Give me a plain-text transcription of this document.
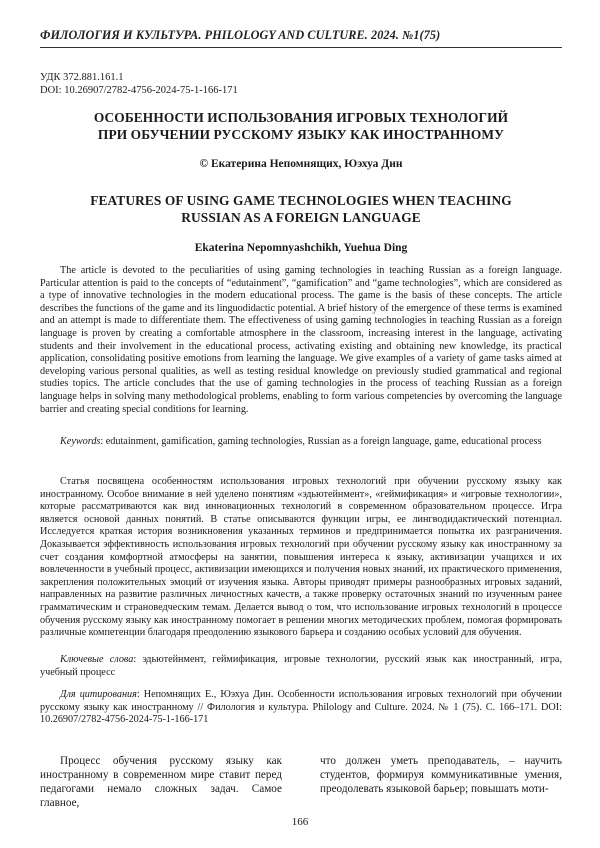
ФИЛОЛОГИЯ И КУЛЬТУРА. PHILOLOGY AND CULTURE. 2024. №1(75)
УДК 372.881.161.1
DOI: 10.26907/2782-4756-2024-75-1-166-171
ОСОБЕННОСТИ ИСПОЛЬЗОВАНИЯ ИГРОВЫХ ТЕХНОЛОГИЙ
ПРИ ОБУЧЕНИИ РУССКОМУ ЯЗЫКУ КАК ИНОСТРАННОМУ
© Екатерина Непомнящих, Юэхуа Дин
FEATURES OF USING GAME TECHNOLOGIES WHEN TEACHING
RUSSIAN AS A FOREIGN LANGUAGE
Ekaterina Nepomnyashchikh, Yuehua Ding

The article is devoted to the peculiarities of using gaming technologies in teaching Russian as a foreign language. Particular attention is paid to the concepts of “edutainment”, “gamification” and “game technologies”, which are considered as a type of innovative technologies in the modern educational process. The game is the basis of these concepts. The article describes the functions of the game and its linguodidactic potential. A brief history of the emergence of these terms is examined and an attempt is made to differentiate them. The effectiveness of using gaming technologies in teaching Russian as a foreign language is proven by creating a comfortable atmosphere in the classroom, increasing interest in the language, activating students and their involvement in the educational process, activating existing and obtaining new knowledge, its practical application, consolidating positive emotions from learning the language. We give examples of a variety of game tasks aimed at developing various personal qualities, as well as testing residual knowledge on previously studied grammatical and regional studies topics. The article concludes that the use of gaming technologies in the process of teaching Russian as a foreign language helps in solving many methodological problems, enabling to form various competencies by overcoming the language barrier and creating special conditions for learning.

Keywords: edutainment, gamification, gaming technologies, Russian as a foreign language, game, educational process

Статья посвящена особенностям использования игровых технологий при обучении русскому языку как иностранному. Особое внимание в ней уделено понятиям «эдьютейнмент», «геймификация» и «игровые технологии», которые рассматриваются как вид инновационных технологий в современном образовательном процессе. Игра является основой данных понятий. В статье описываются функции игры, ее лингводидактический потенциал. Исследуется краткая история возникновения указанных терминов и предпринимается попытка их разграничения. Доказывается эффективность использования игровых технологий при обучении русскому языку как иностранному за счет создания комфортной атмосферы на занятии, повышения интереса к языку, активизации учащихся и их вовлеченности в учебный процесс, активизации имеющихся и получения новых знаний, их практического применения, закрепления положительных эмоций от изучения языка. Авторы приводят примеры разнообразных игровых заданий, направленных на развитие различных личностных качеств, а также проверку остаточных знаний по изученным ранее грамматическим и страноведческим темам. Делается вывод о том, что использование игровых технологий в процессе обучения русскому языку как иностранному помогает в решении многих методических проблем, помогая формировать различные компетенции благодаря преодолению языкового барьера и созданию особых условий для обучения.

Ключевые слова: эдьютейнмент, геймификация, игровые технологии, русский язык как иностранный, игра, учебный процесс

Для цитирования: Непомнящих Е., Юэхуа Дин. Особенности использования игровых технологий при обучении русскому языку как иностранному // Филология и культура. Philology and Culture. 2024. № 1 (75). С. 166–171. DOI: 10.26907/2782-4756-2024-75-1-166-171

Процесс обучения русскому языку как иностранному в современном мире ставит перед педагогами немало сложных задач. Самое главное,

что должен уметь преподаватель, – научить студентов, формируя коммуникативные умения, преодолевать языковой барьер; повышать моти-

166
